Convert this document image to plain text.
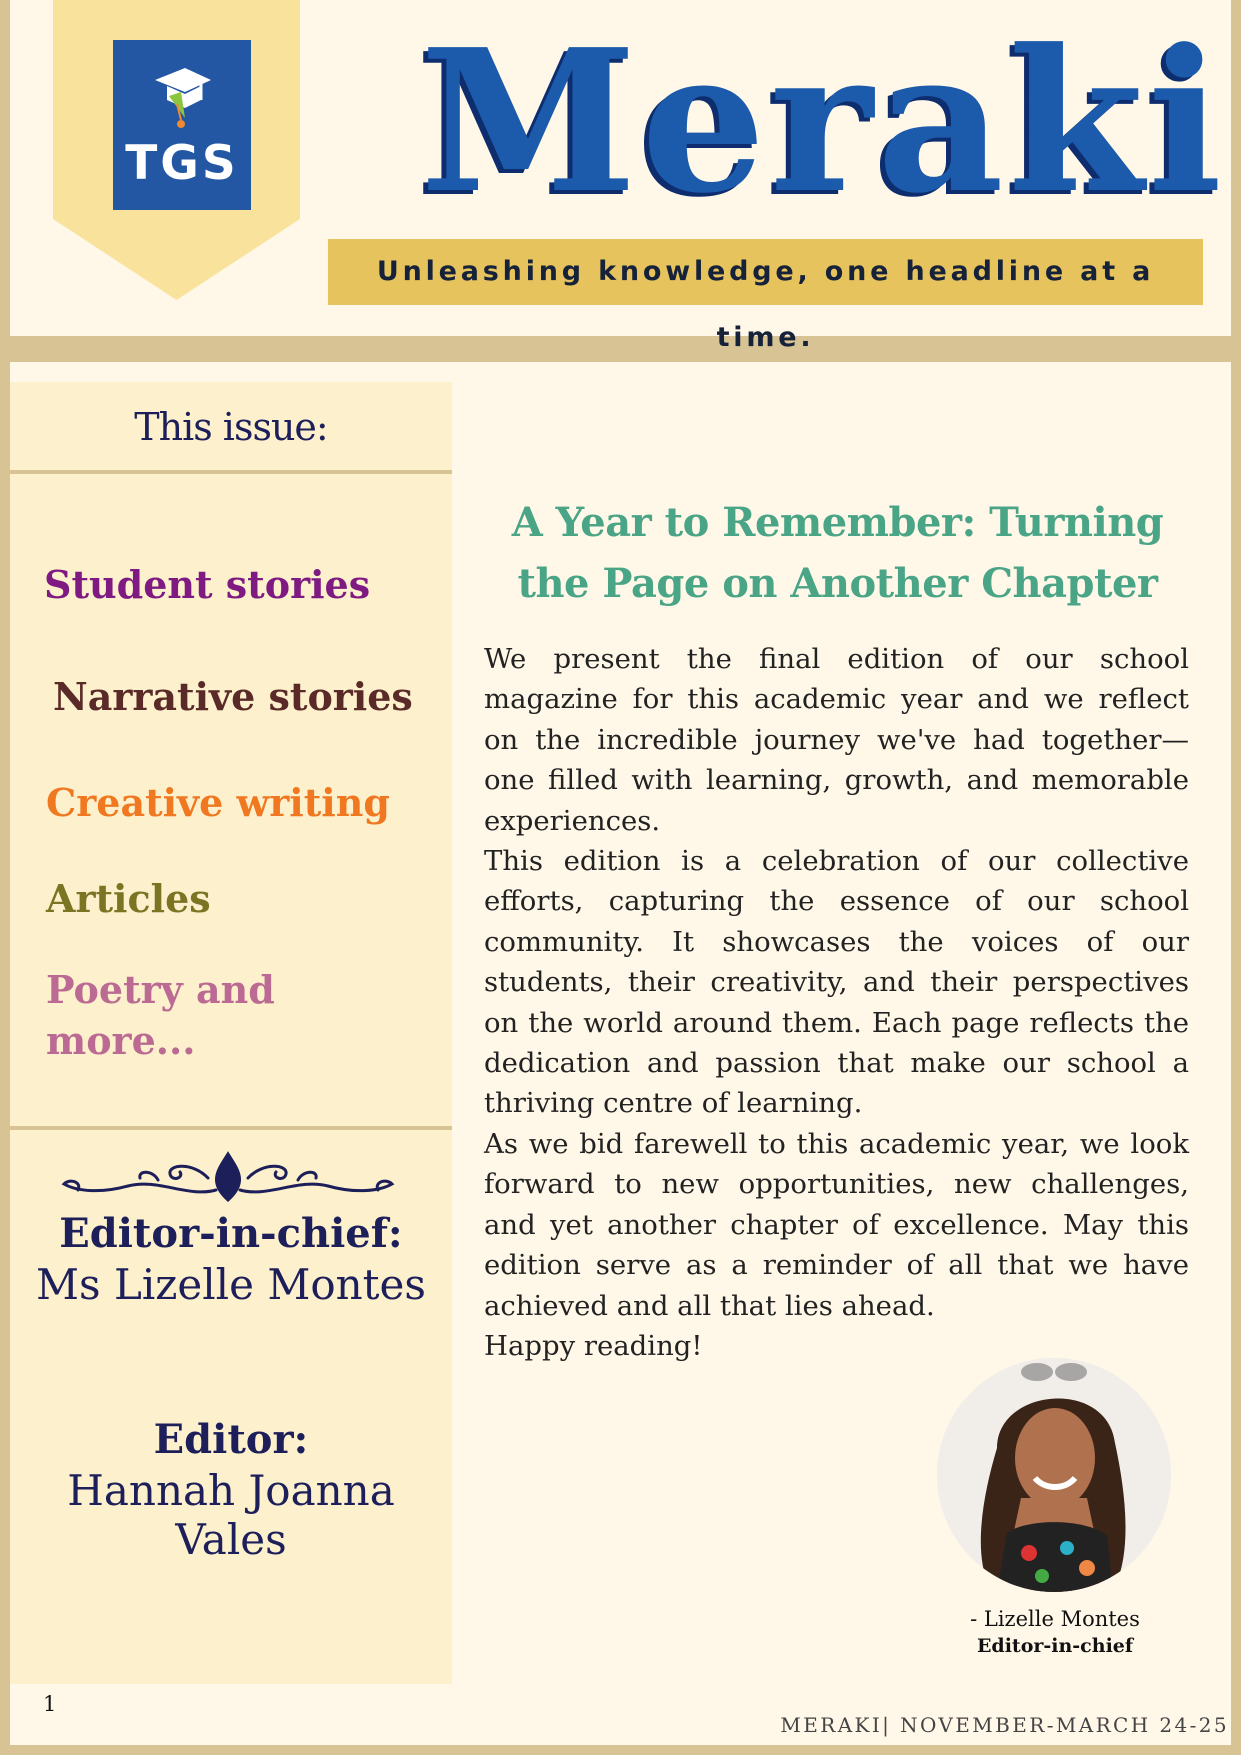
TGS Meraki
Unleashing knowledge, one headline at a time.
This issue:
Student stories
Narrative stories
Creative writing
Articles
Poetry and more...
Editor-in-chief:
Ms Lizelle Montes
Editor:
Hannah Joanna Vales
A Year to Remember: Turning the Page on Another Chapter

We present the final edition of our school magazine for this academic year and we reflect on the incredible journey we've had together—one filled with learning, growth, and memorable experiences.

This edition is a celebration of our collective efforts, capturing the essence of our school community. It showcases the voices of our students, their creativity, and their perspectives on the world around them. Each page reflects the dedication and passion that make our school a thriving centre of learning.

As we bid farewell to this academic year, we look forward to new opportunities, new challenges, and yet another chapter of excellence. May this edition serve as a reminder of all that we have achieved and all that lies ahead.

Happy reading!

- Lizelle Montes
Editor-in-chief
1
MERAKI| NOVEMBER-MARCH 24-25
